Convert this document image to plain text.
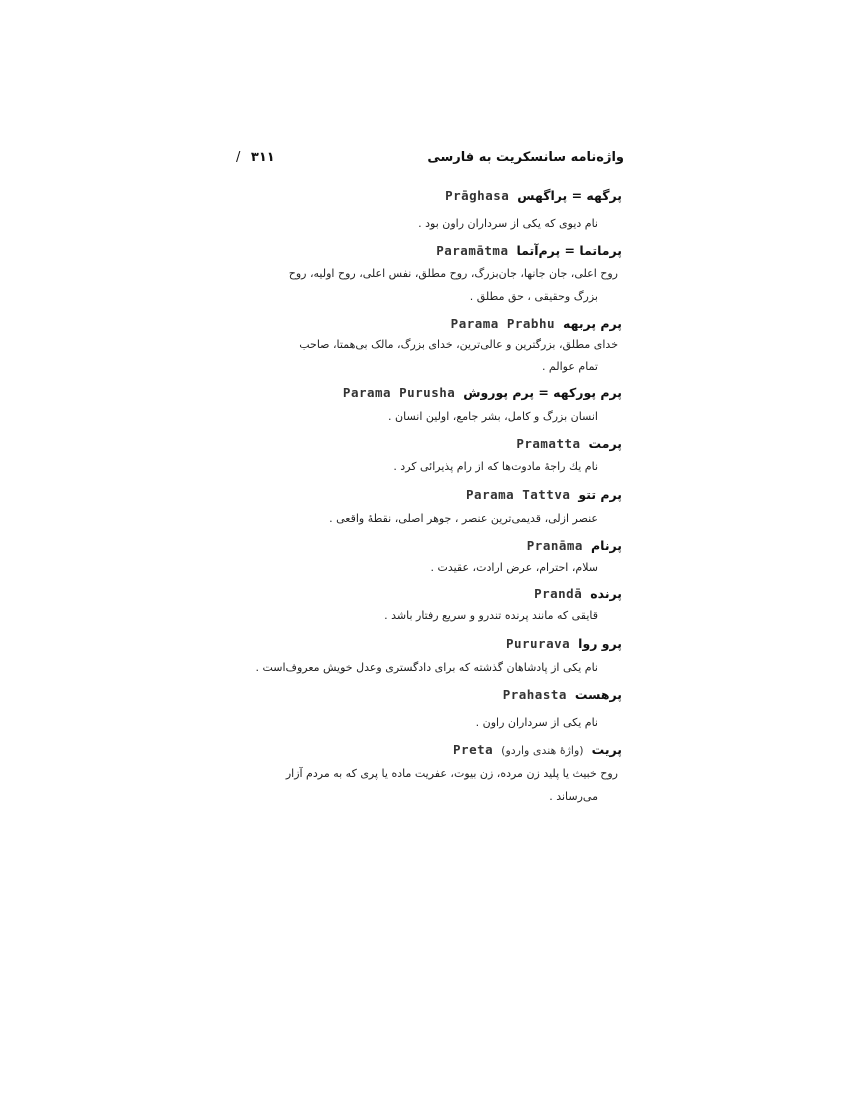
واژه‌نامه سانسکریت به فارسی
/ ۳۱۱
پرگهه = پراگهسPrāghasa
نام دیوی که یکی از سرداران راون بود .
پرماتما = پرم‌آتماParamātma
روح اعلی، جان جانها، جان‌بزرگ، روح مطلق، نفس اعلی، روح اولیه، روح
بزرگ وحقیقی ، حق مطلق .
پرم پربههParama Prabhu
خدای مطلق، بزرگترین و عالی‌ترین، خدای بزرگ، مالک بی‌همتا، صاحب
تمام عوالم .
پرم پورکهه = پرم پوروشParama Purusha
انسان بزرگ و کامل، بشر جامع، اولین انسان .
پرمتPramatta
نام یك راجهٔ مادوت‌ها که از رام پذیرائی کرد .
پرم تتوParama Tattva
عنصر ازلی، قدیمی‌ترین عنصر ، جوهر اصلی، نقطهٔ واقعی .
پرنامPranāma
سلام، احترام، عرض ارادت، عقیدت .
پرندهPrandā
قایقی که مانند پرنده تندرو و سریع رفتار باشد .
پرو رواPururava
نام یکی از پادشاهان گذشته که برای دادگستری وعدل خویش معروف‌است .
پرهستPrahasta
نام یکی از سرداران راون .
پریت(واژهٔ هندی واردو)Preta
روح خبیث یا پلید زن مرده، زن بیوت، عفریت ماده یا پری که به مردم آزار
می‌رساند .
